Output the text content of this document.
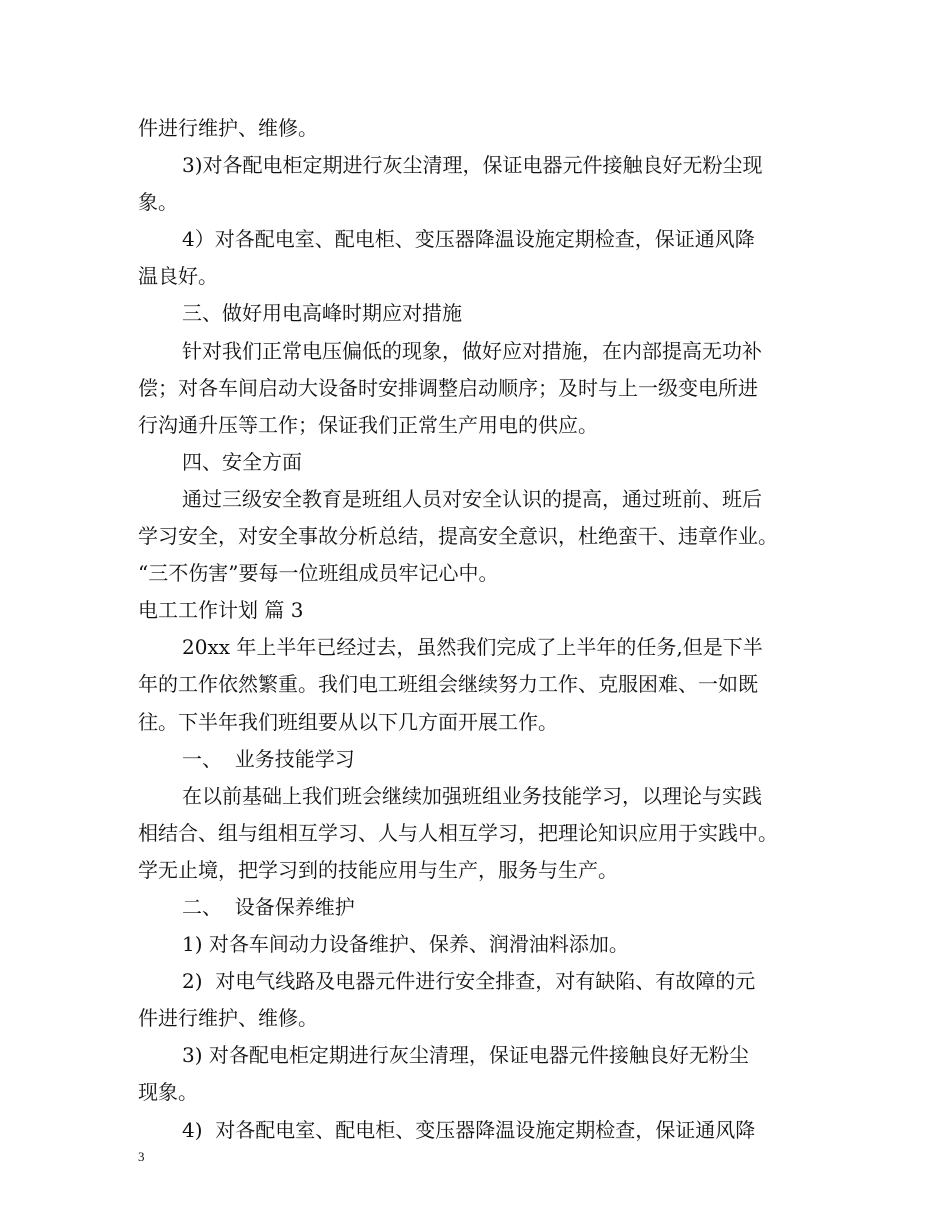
件进行维护、维修。
3)对各配电柜定期进行灰尘清理，保证电器元件接触良好无粉尘现
象。
4）对各配电室、配电柜、变压器降温设施定期检查，保证通风降
温良好。
三、做好用电高峰时期应对措施
针对我们正常电压偏低的现象，做好应对措施，在内部提高无功补
偿；对各车间启动大设备时安排调整启动顺序；及时与上一级变电所进
行沟通升压等工作；保证我们正常生产用电的供应。
四、安全方面
通过三级安全教育是班组人员对安全认识的提高，通过班前、班后
学习安全，对安全事故分析总结，提高安全意识，杜绝蛮干、违章作业。
“三不伤害”要每一位班组成员牢记心中。
电工工作计划 篇 3
20xx 年上半年已经过去，虽然我们完成了上半年的任务,但是下半
年的工作依然繁重。我们电工班组会继续努力工作、克服困难、一如既
往。下半年我们班组要从以下几方面开展工作。
一、  业务技能学习
在以前基础上我们班会继续加强班组业务技能学习，以理论与实践
相结合、组与组相互学习、人与人相互学习，把理论知识应用于实践中。
学无止境，把学习到的技能应用与生产，服务与生产。
二、  设备保养维护
1) 对各车间动力设备维护、保养、润滑油料添加。
2)  对电气线路及电器元件进行安全排查，对有缺陷、有故障的元
件进行维护、维修。
3) 对各配电柜定期进行灰尘清理，保证电器元件接触良好无粉尘
现象。
4)  对各配电室、配电柜、变压器降温设施定期检查，保证通风降
3
